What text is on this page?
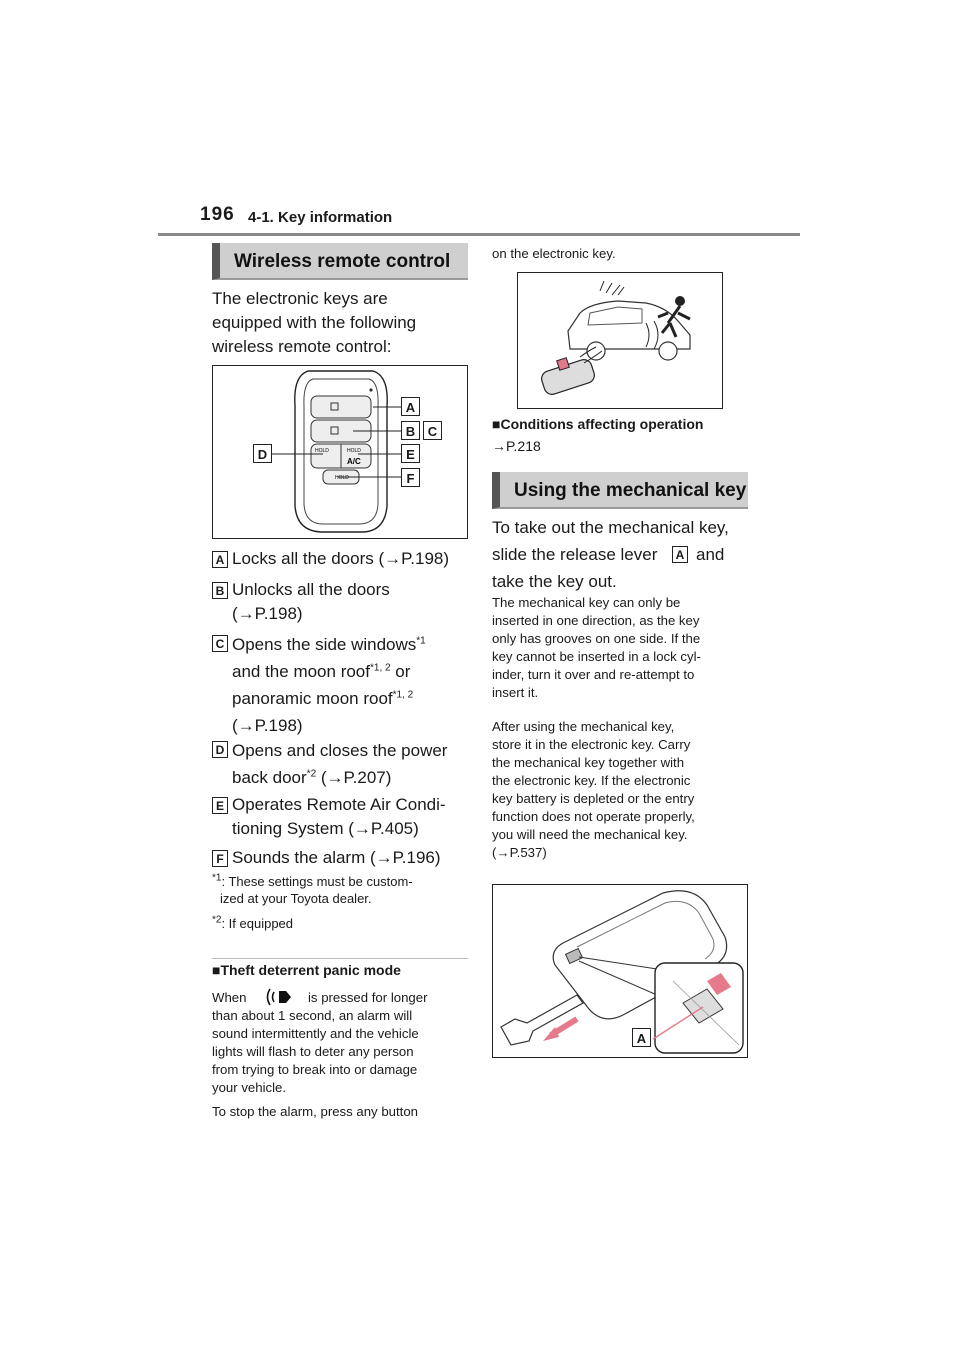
196 4-1. Key information
Wireless remote control
The electronic keys are
equipped with the following
wireless remote control:
HOLD	HOLD
A/C
HOLD
A
B C
D	E
F
A Locks all the doors (→P.198)
B Unlocks all the doors
(→P.198)
C Opens the side windows$^{*1}$
and the moon roof$^{*1, 2}$ or
panoramic moon roof$^{*1, 2}$
(→P.198)
D Opens and closes the power
back door$^{*2}$ (→P.207)
E Operates Remote Air Condi-
tioning System (→P.405)
F Sounds the alarm (→P.196)
$^{*1}$: These settings must be custom-
ized at your Toyota dealer.
$^{*2}$: If equipped
■Theft deterrent panic mode
When	is pressed for longer
than about 1 second, an alarm will
sound intermittently and the vehicle
lights will flash to deter any person
from trying to break into or damage
your vehicle.
To stop the alarm, press any button
on the electronic key.
■Conditions affecting operation
→P.218
Using the mechanical key
To take out the mechanical key,
slide the release lever	A and
take the key out.
The mechanical key can only be
inserted in one direction, as the key
only has grooves on one side. If the
key cannot be inserted in a lock cyl-
inder, turn it over and re-attempt to
insert it.
After using the mechanical key,
store it in the electronic key. Carry
the mechanical key together with
the electronic key. If the electronic
key battery is depleted or the entry
function does not operate properly,
you will need the mechanical key.
(→P.537)
A
